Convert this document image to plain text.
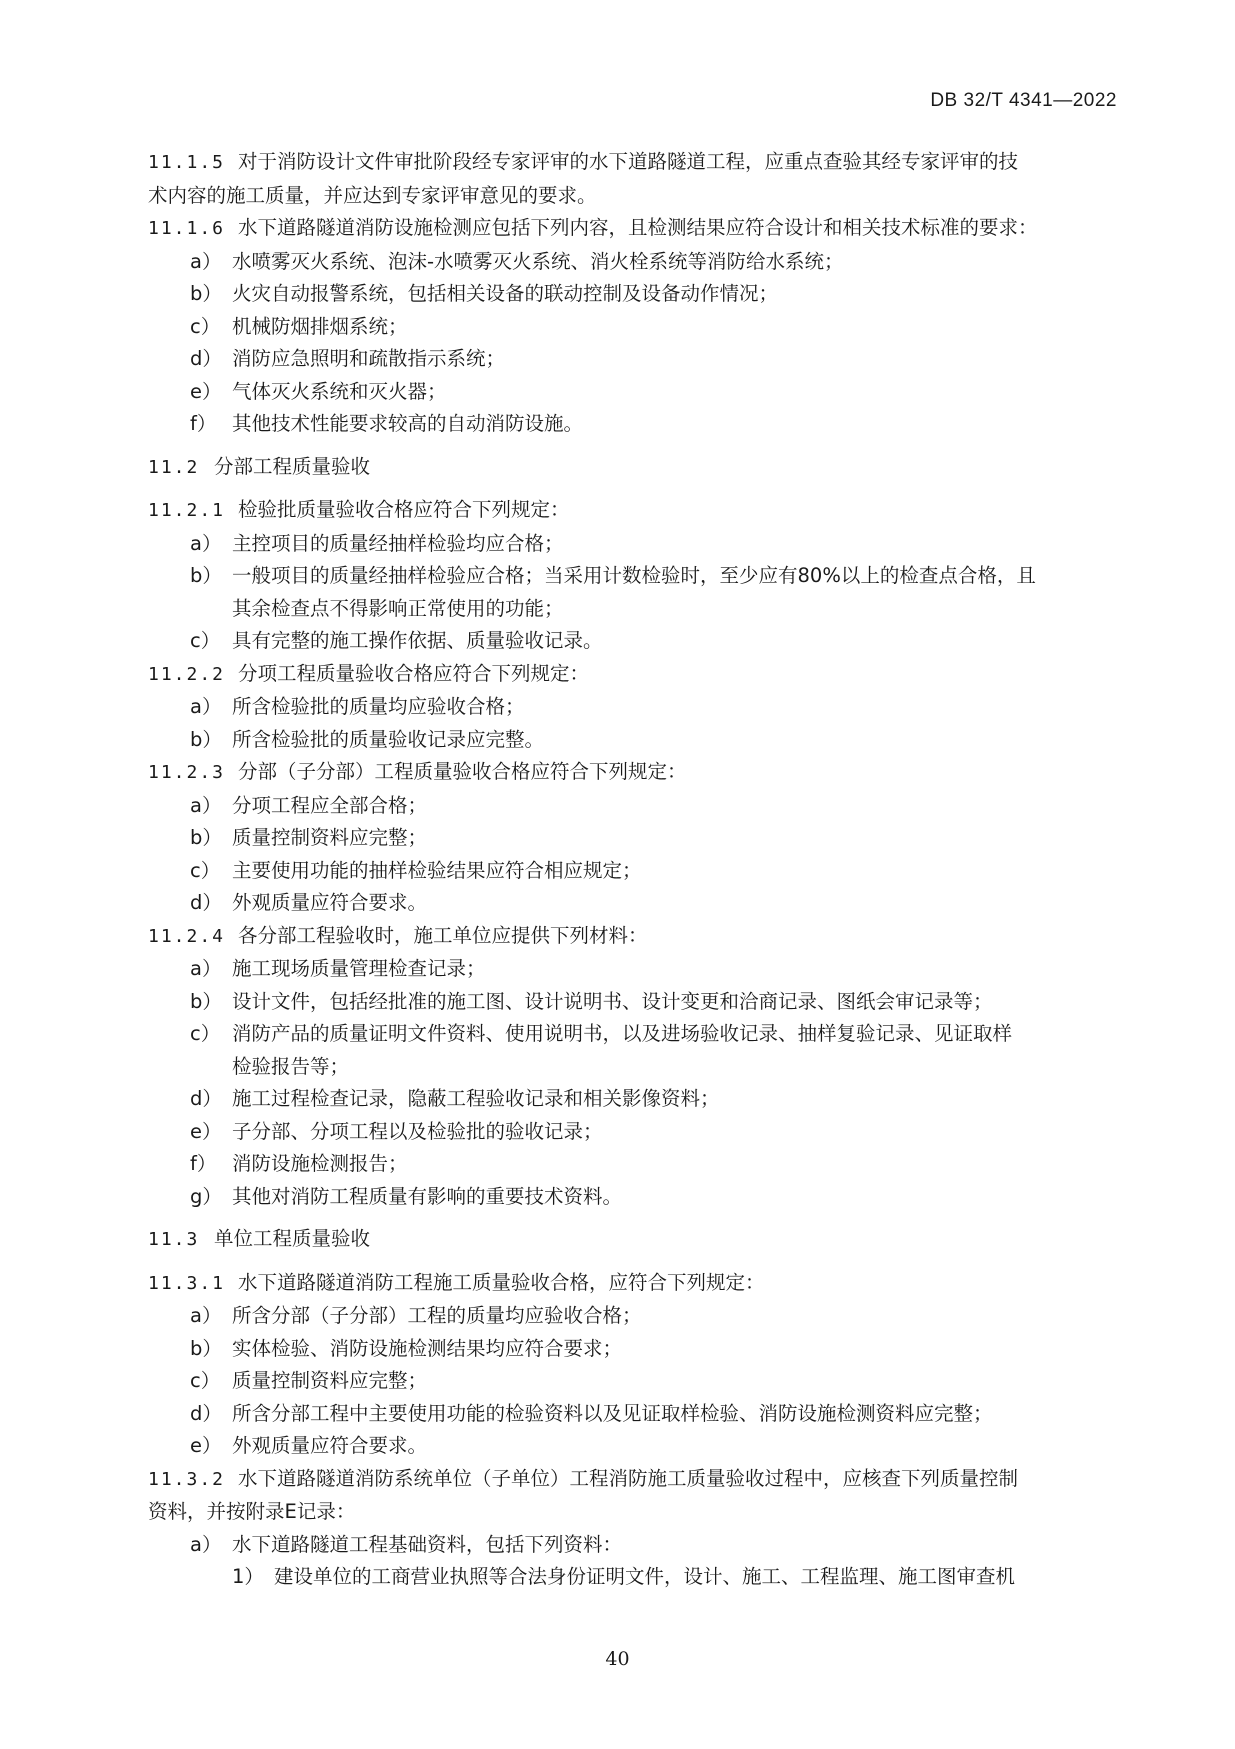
DB 32/T 4341—2022
11.1.5 对于消防设计文件审批阶段经专家评审的水下道路隧道工程，应重点查验其经专家评审的技
术内容的施工质量，并应达到专家评审意见的要求。
11.1.6 水下道路隧道消防设施检测应包括下列内容，且检测结果应符合设计和相关技术标准的要求：
a） 水喷雾灭火系统、泡沫-水喷雾灭火系统、消火栓系统等消防给水系统；
b） 火灾自动报警系统，包括相关设备的联动控制及设备动作情况；
c） 机械防烟排烟系统；
d） 消防应急照明和疏散指示系统；
e） 气体灭火系统和灭火器；
f） 其他技术性能要求较高的自动消防设施。
11.2 分部工程质量验收
11.2.1 检验批质量验收合格应符合下列规定：
a） 主控项目的质量经抽样检验均应合格；
b） 一般项目的质量经抽样检验应合格；当采用计数检验时，至少应有80%以上的检查点合格，且
其余检查点不得影响正常使用的功能；
c） 具有完整的施工操作依据、质量验收记录。
11.2.2 分项工程质量验收合格应符合下列规定：
a） 所含检验批的质量均应验收合格；
b） 所含检验批的质量验收记录应完整。
11.2.3 分部（子分部）工程质量验收合格应符合下列规定：
a） 分项工程应全部合格；
b） 质量控制资料应完整；
c） 主要使用功能的抽样检验结果应符合相应规定；
d） 外观质量应符合要求。
11.2.4 各分部工程验收时，施工单位应提供下列材料：
a） 施工现场质量管理检查记录；
b） 设计文件，包括经批准的施工图、设计说明书、设计变更和洽商记录、图纸会审记录等；
c） 消防产品的质量证明文件资料、使用说明书，以及进场验收记录、抽样复验记录、见证取样
检验报告等；
d） 施工过程检查记录，隐蔽工程验收记录和相关影像资料；
e） 子分部、分项工程以及检验批的验收记录；
f） 消防设施检测报告；
g） 其他对消防工程质量有影响的重要技术资料。
11.3 单位工程质量验收
11.3.1 水下道路隧道消防工程施工质量验收合格，应符合下列规定：
a） 所含分部（子分部）工程的质量均应验收合格；
b） 实体检验、消防设施检测结果均应符合要求；
c） 质量控制资料应完整；
d） 所含分部工程中主要使用功能的检验资料以及见证取样检验、消防设施检测资料应完整；
e） 外观质量应符合要求。
11.3.2 水下道路隧道消防系统单位（子单位）工程消防施工质量验收过程中，应核查下列质量控制
资料，并按附录E记录：
a） 水下道路隧道工程基础资料，包括下列资料：
1） 建设单位的工商营业执照等合法身份证明文件，设计、施工、工程监理、施工图审查机
40
